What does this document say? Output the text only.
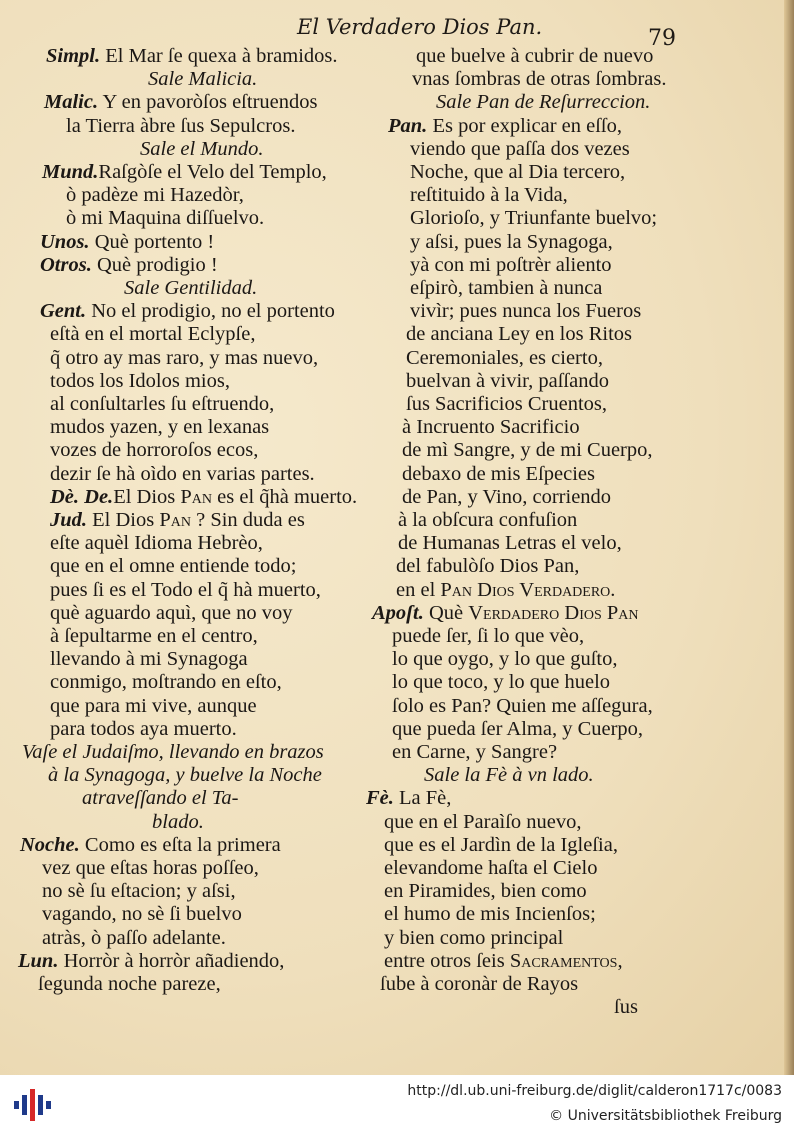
El Verdadero Dios Pan.	79
Simpl. El Mar ſe quexa à bramidos.
Sale Malicia.
Malic. Y en pavoròſos eſtruendos
la Tierra àbre ſus Sepulcros.
Sale el Mundo.
Mund.Raſgòſe el Velo del Templo,
ò padèze mi Hazedòr,
ò mi Maquina diſſuelvo.
Unos. Què portento !
Otros. Què prodigio !
Sale Gentilidad.
Gent. No el prodigio, no el portento
eſtà en el mortal Eclypſe,
q̃ otro ay mas raro, y mas nuevo,
todos los Idolos mios,
al conſultarles ſu eſtruendo,
mudos yazen, y en lexanas
vozes de horroroſos ecos,
dezir ſe hà oìdo en varias partes.
Dè. De.El Dios Pan es el q̃hà muerto.
Jud. El Dios Pan ? Sin duda es
eſte aquèl Idioma Hebrèo,
que en el omne entiende todo;
pues ſi es el Todo el q̃ hà muerto,
què aguardo aquì, que no voy
à ſepultarme en el centro,
llevando à mi Synagoga
conmigo, moſtrando en eſto,
que para mi vive, aunque
para todos aya muerto.
Vaſe el Judaiſmo, llevando en brazos
à la Synagoga, y buelve la Noche
atraveſſando el Ta-
blado.
Noche. Como es eſta la primera
vez que eſtas horas poſſeo,
no sè ſu eſtacion; y aſsi,
vagando, no sè ſi buelvo
atràs, ò paſſo adelante.
Lun. Horròr à horròr añadiendo,
ſegunda noche pareze,
que buelve à cubrir de nuevo
vnas ſombras de otras ſombras.
Sale Pan de Reſurreccion.
Pan. Es por explicar en eſſo,
viendo que paſſa dos vezes
Noche, que al Dia tercero,
reſtituido à la Vida,
Glorioſo, y Triunfante buelvo;
y aſsi, pues la Synagoga,
yà con mi poſtrèr aliento
eſpirò, tambien à nunca
vivìr; pues nunca los Fueros
de anciana Ley en los Ritos
Ceremoniales, es cierto,
buelvan à vivir, paſſando
ſus Sacrificios Cruentos,
à Incruento Sacrificio
de mì Sangre, y de mi Cuerpo,
debaxo de mis Eſpecies
de Pan, y Vino, corriendo
à la obſcura confuſion
de Humanas Letras el velo,
del fabulòſo Dios Pan,
en el Pan Dios Verdadero.
Apoſt. Què Verdadero Dios Pan
puede ſer, ſi lo que vèo,
lo que oygo, y lo que guſto,
lo que toco, y lo que huelo
ſolo es Pan? Quien me aſſegura,
que pueda ſer Alma, y Cuerpo,
en Carne, y Sangre?
Sale la Fè à vn lado.
Fè. La Fè,
que en el Paraìſo nuevo,
que es el Jardìn de la Igleſia,
elevandome haſta el Cielo
en Piramides, bien como
el humo de mis Incienſos;
y bien como principal
entre otros ſeis Sacramentos,
ſube à coronàr de Rayos
ſus
http://dl.ub.uni-freiburg.de/diglit/calderon1717c/0083
© Universitätsbibliothek Freiburg
